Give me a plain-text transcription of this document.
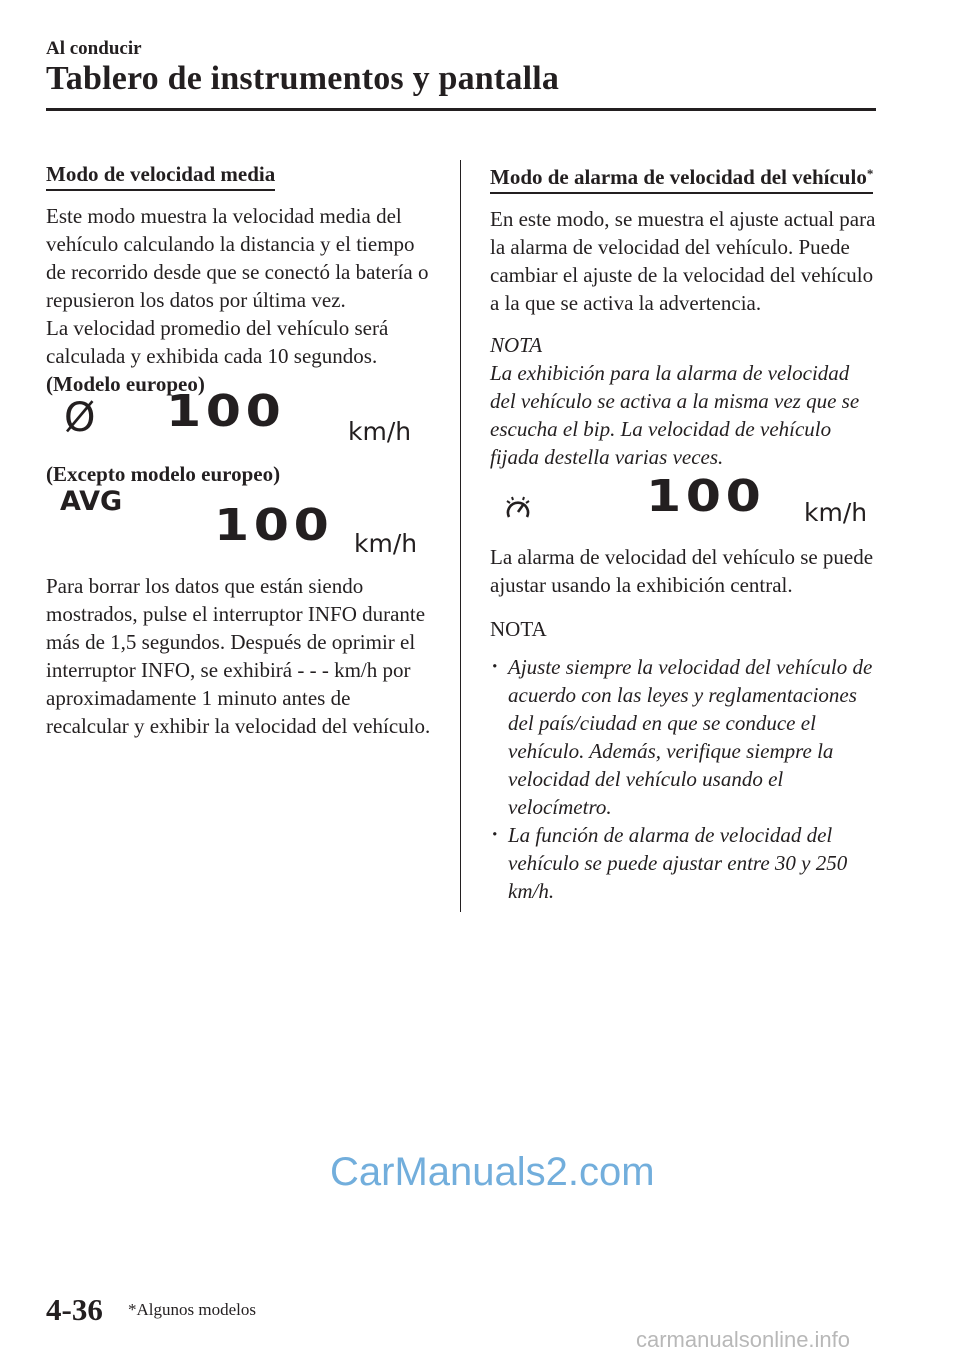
Al conducir
Tablero de instrumentos y pantalla
Modo de velocidad media

Este modo muestra la velocidad media del vehículo calculando la distancia y el tiempo de recorrido desde que se conectó la batería o repusieron los datos por última vez.

La velocidad promedio del vehículo será calculada y exhibida cada 10 segundos.

(Modelo europeo)

Ø 100	km/h

(Excepto modelo europeo)

AVG 100 km/h

Para borrar los datos que están siendo mostrados, pulse el interruptor INFO durante más de 1,5 segundos. Después de oprimir el interruptor INFO, se exhibirá - - - km/h por aproximadamente 1 minuto antes de recalcular y exhibir la velocidad del vehículo.

Modo de alarma de velocidad del vehículo*

En este modo, se muestra el ajuste actual para la alarma de velocidad del vehículo. Puede cambiar el ajuste de la velocidad del vehículo a la que se activa la advertencia.

NOTA

La exhibición para la alarma de velocidad del vehículo se activa a la misma vez que se escucha el bip. La velocidad de vehículo fijada destella varias veces.

100 km/h

La alarma de velocidad del vehículo se puede ajustar usando la exhibición central.

NOTA

· Ajuste siempre la velocidad del vehículo de acuerdo con las leyes y reglamentaciones del país/ciudad en que se conduce el vehículo. Además, verifique siempre la velocidad del vehículo usando el velocímetro.
· La función de alarma de velocidad del vehículo se puede ajustar entre 30 y 250 km/h.
CarManuals2.com
4-36 *Algunos modelos
carmanualsonline.info
